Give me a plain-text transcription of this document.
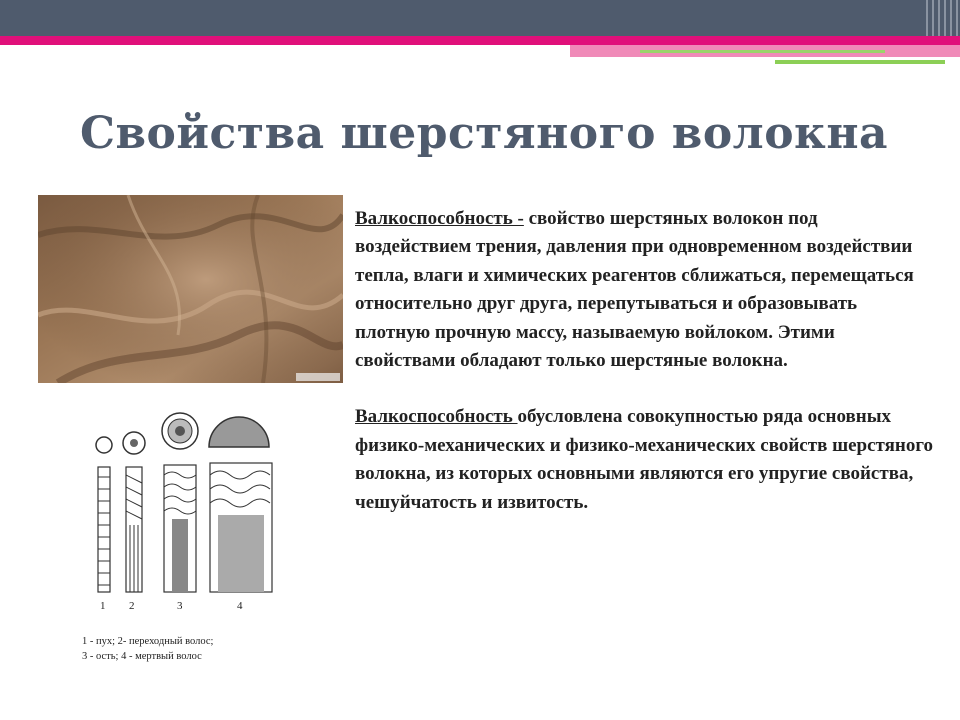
Свойства шерстяного волокна
1 2	3	4
1 - пух; 2- переходный волос;
3 - ость; 4 - мертвый волос

Валкоспособность - свойство шерстяных волокон под воздействием трения, давления при одновременном воздействии тепла, влаги и химических реагентов сближаться, перемещаться относительно друг друга, перепутываться и образовывать плотную прочную массу, называемую войлоком. Этими свойствами обладают только шерстяные волокна.

Валкоспособность обусловлена совокупностью ряда основных физико-механических и физико-механических свойств шерстяного волокна, из которых основными являются его упругие свойства, чешуйчатость и извитость.
